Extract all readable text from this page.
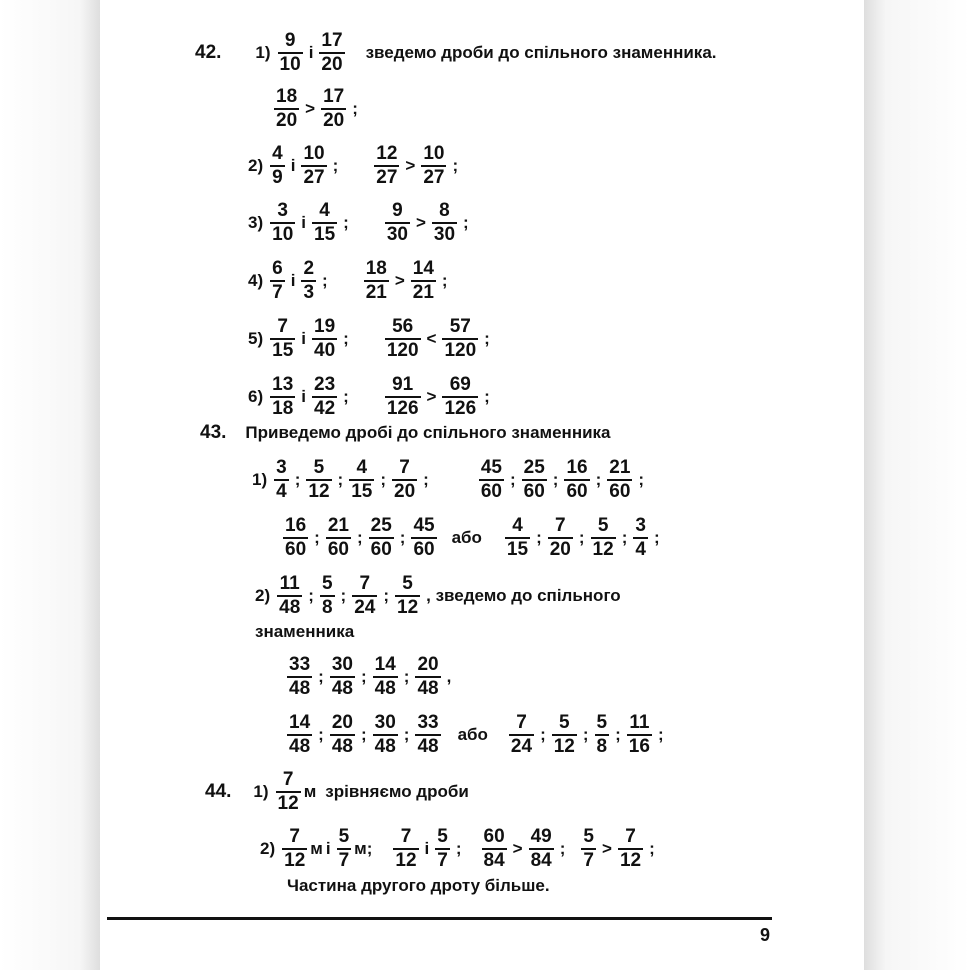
42. $1) \frac{9}{10}$ і $\frac{17}{20}$ зведемо дроби до спільного знаменника.
$\frac{18}{20} > \frac{17}{20}$ ;
$2) \frac{4}{9}$ і $\frac{10}{27}$ ; $\frac{12}{27} > \frac{10}{27}$ ;
$3) \frac{3}{10}$ і $\frac{4}{15}$ ; $\frac{9}{30} > \frac{8}{30}$ ;
$4) \frac{6}{7}$ і $\frac{2}{3}$ ; $\frac{18}{21} > \frac{14}{21}$ ;
$5) \frac{7}{15}$ і $\frac{19}{40}$ ; $\frac{56}{120} < \frac{57}{120}$ ;
$6) \frac{13}{18}$ і $\frac{23}{42}$ ; $\frac{91}{126} > \frac{69}{126}$ ;
43. Приведемо дробі до спільного знаменника
$1) \frac{3}{4}$ ; $\frac{5}{12}$ ; $\frac{4}{15}$ ; $\frac{7}{20}$ ;	$\frac{45}{60}$ ; $\frac{25}{60}$ ; $\frac{16}{60}$ ; $\frac{21}{60}$ ;
$\frac{16}{60}$ ; $\frac{21}{60}$ ; $\frac{25}{60}$ ; $\frac{45}{60}$ або $\frac{4}{15}$ ; $\frac{7}{20}$ ; $\frac{5}{12}$ ; $\frac{3}{4}$ ;
$2) \frac{11}{48}$ ; $\frac{5}{8}$ ; $\frac{7}{24}$ ; $\frac{5}{12}$ , зведемо до спільного
знаменника
$\frac{33}{48}$ ; $\frac{30}{48}$ ; $\frac{14}{48}$ ; $\frac{20}{48}$ ,
$\frac{14}{48}$ ; $\frac{20}{48}$ ; $\frac{30}{48}$ ; $\frac{33}{48}$ або $\frac{7}{24}$ ; $\frac{5}{12}$ ; $\frac{5}{8}$ ; $\frac{11}{16}$ ;
44. $1) \frac{7}{12}$ м зрівняємо дроби
$2) \frac{7}{12}$ м і $\frac{5}{7} м$; $\frac{7}{12}$ і $\frac{5}{7}$ ; $\frac{60}{84} > \frac{49}{84}$ ; $\frac{5}{7} > \frac{7}{12}$ ;
Частина другого дроту більше.
9
